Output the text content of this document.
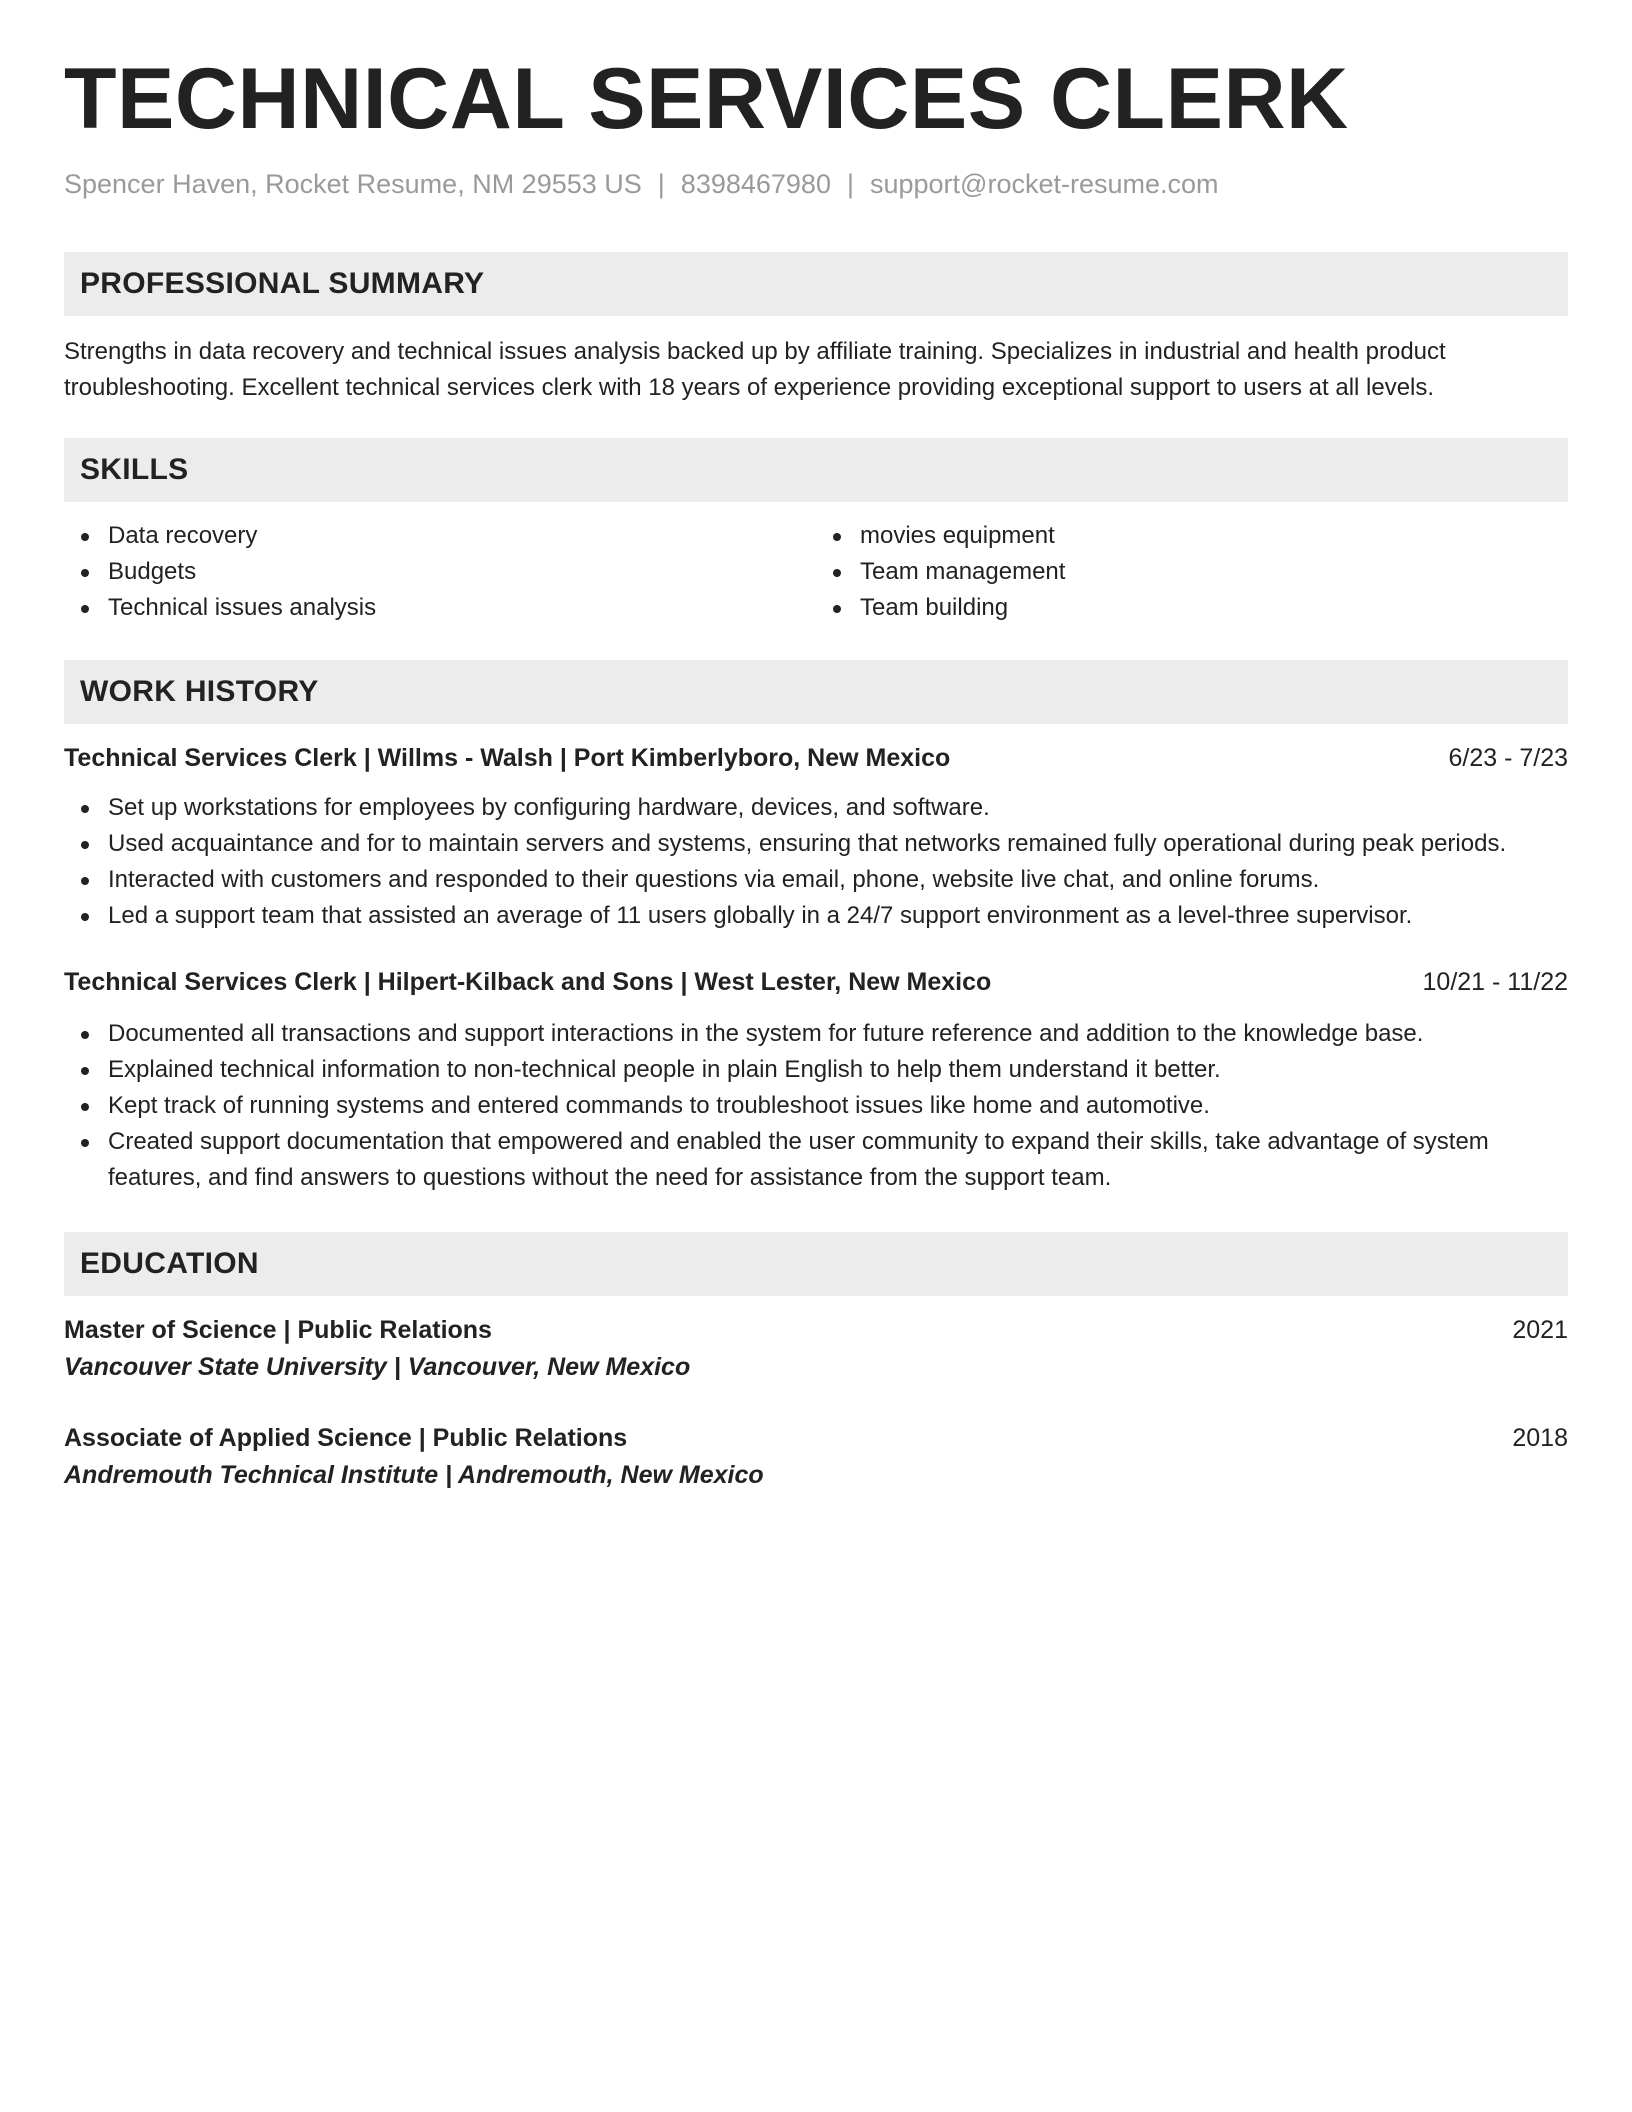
TECHNICAL SERVICES CLERK
Spencer Haven, Rocket Resume, NM 29553 US | 8398467980 | support@rocket-resume.com
PROFESSIONAL SUMMARY
Strengths in data recovery and technical issues analysis backed up by affiliate training. Specializes in industrial and health product troubleshooting. Excellent technical services clerk with 18 years of experience providing exceptional support to users at all levels.
SKILLS
Data recovery
Budgets
Technical issues analysis
movies equipment
Team management
Team building
WORK HISTORY
Technical Services Clerk | Willms - Walsh | Port Kimberlyboro, New Mexico	6/23 - 7/23
Set up workstations for employees by configuring hardware, devices, and software.
Used acquaintance and for to maintain servers and systems, ensuring that networks remained fully operational during peak periods.
Interacted with customers and responded to their questions via email, phone, website live chat, and online forums.
Led a support team that assisted an average of 11 users globally in a 24/7 support environment as a level-three supervisor.
Technical Services Clerk | Hilpert-Kilback and Sons | West Lester, New Mexico	10/21 - 11/22
Documented all transactions and support interactions in the system for future reference and addition to the knowledge base.
Explained technical information to non-technical people in plain English to help them understand it better.
Kept track of running systems and entered commands to troubleshoot issues like home and automotive.
Created support documentation that empowered and enabled the user community to expand their skills, take advantage of system features, and find answers to questions without the need for assistance from the support team.
EDUCATION
Master of Science | Public Relations	2021
Vancouver State University | Vancouver, New Mexico
Associate of Applied Science | Public Relations	2018
Andremouth Technical Institute | Andremouth, New Mexico
